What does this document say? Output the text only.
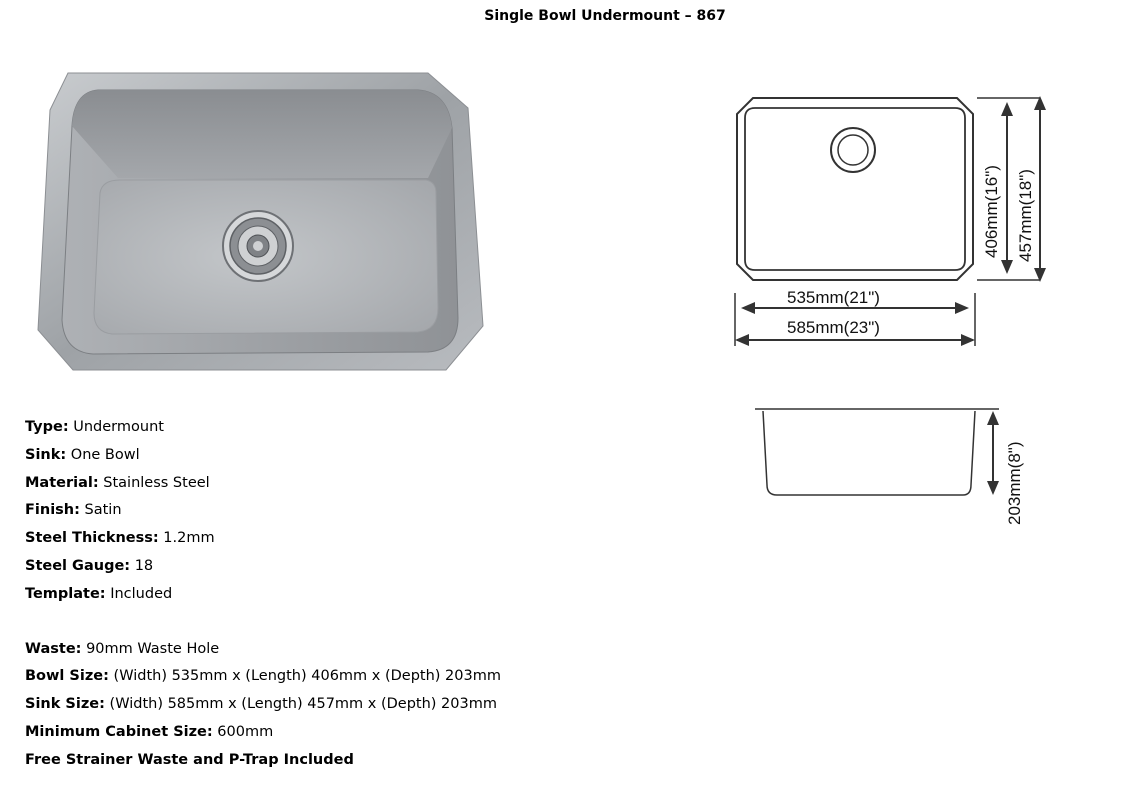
Single Bowl Undermount – 867
406mm(16") 457mm(18")
535mm(21")
585mm(23")
203mm(8")
Type: Undermount
Sink: One Bowl
Material: Stainless Steel
Finish: Satin
Steel Thickness: 1.2mm
Steel Gauge: 18
Template: Included
Waste: 90mm Waste Hole
Bowl Size: (Width) 535mm x (Length) 406mm x (Depth) 203mm
Sink Size: (Width) 585mm x (Length) 457mm x (Depth) 203mm
Minimum Cabinet Size: 600mm
Free Strainer Waste and P-Trap Included
